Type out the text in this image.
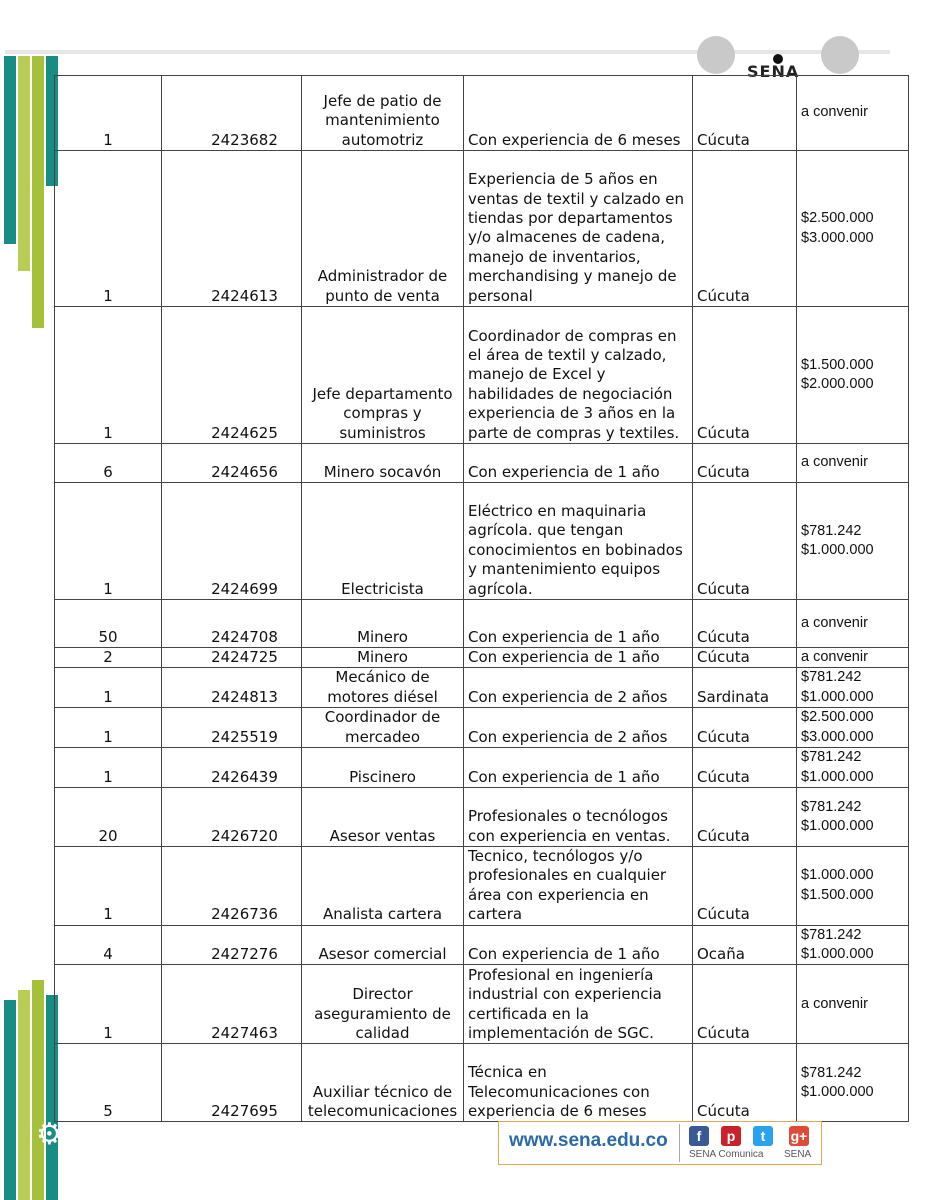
SENA
1	2423682	Jefe de patio de mantenimiento automotriz	Con experiencia de 6 meses	Cúcuta	a convenir
1	2424613	Administrador de punto de venta	Experiencia de 5 años en ventas de textil y calzado en tiendas por departamentos y/o almacenes de cadena, manejo de inventarios, merchandising y manejo de personal	Cúcuta	$2.500.000
$3.000.000
1	2424625	Jefe departamento compras y suministros	Coordinador de compras en el área de textil y calzado, manejo de Excel y habilidades de negociación experiencia de 3 años en la parte de compras y textiles.	Cúcuta	$1.500.000
$2.000.000
6	2424656	Minero socavón	Con experiencia de 1 año	Cúcuta	a convenir
1	2424699	Electricista	Eléctrico en maquinaria agrícola. que tengan conocimientos en bobinados y mantenimiento equipos agrícola.	Cúcuta	$781.242
$1.000.000
50	2424708	Minero	Con experiencia de 1 año	Cúcuta	a convenir
2	2424725	Minero	Con experiencia de 1 año	Cúcuta	a convenir
1	2424813	Mecánico de motores diésel	Con experiencia de 2 años	Sardinata	$781.242
$1.000.000
1	2425519	Coordinador de mercadeo	Con experiencia de 2 años	Cúcuta	$2.500.000
$3.000.000
1	2426439	Piscinero	Con experiencia de 1 año	Cúcuta	$781.242
$1.000.000
20	2426720	Asesor ventas	Profesionales o tecnólogos con experiencia en ventas.	Cúcuta	$781.242
$1.000.000
1	2426736	Analista cartera	Tecnico, tecnólogos y/o profesionales en cualquier área con experiencia en cartera	Cúcuta	$1.000.000
$1.500.000
4	2427276	Asesor comercial	Con experiencia de 1 año	Ocaña	$781.242
$1.000.000
1	2427463	Director aseguramiento de calidad	Profesional en ingeniería industrial con experiencia certificada en la implementación de SGC.	Cúcuta	a convenir
5	2427695	Auxiliar técnico de telecomunicaciones	Técnica en Telecomunicaciones con experiencia de 6 meses	Cúcuta	$781.242
$1.000.000
⚙ ⇱	www.sena.edu.co	f	p	t	g+
SENA Comunica SENA
